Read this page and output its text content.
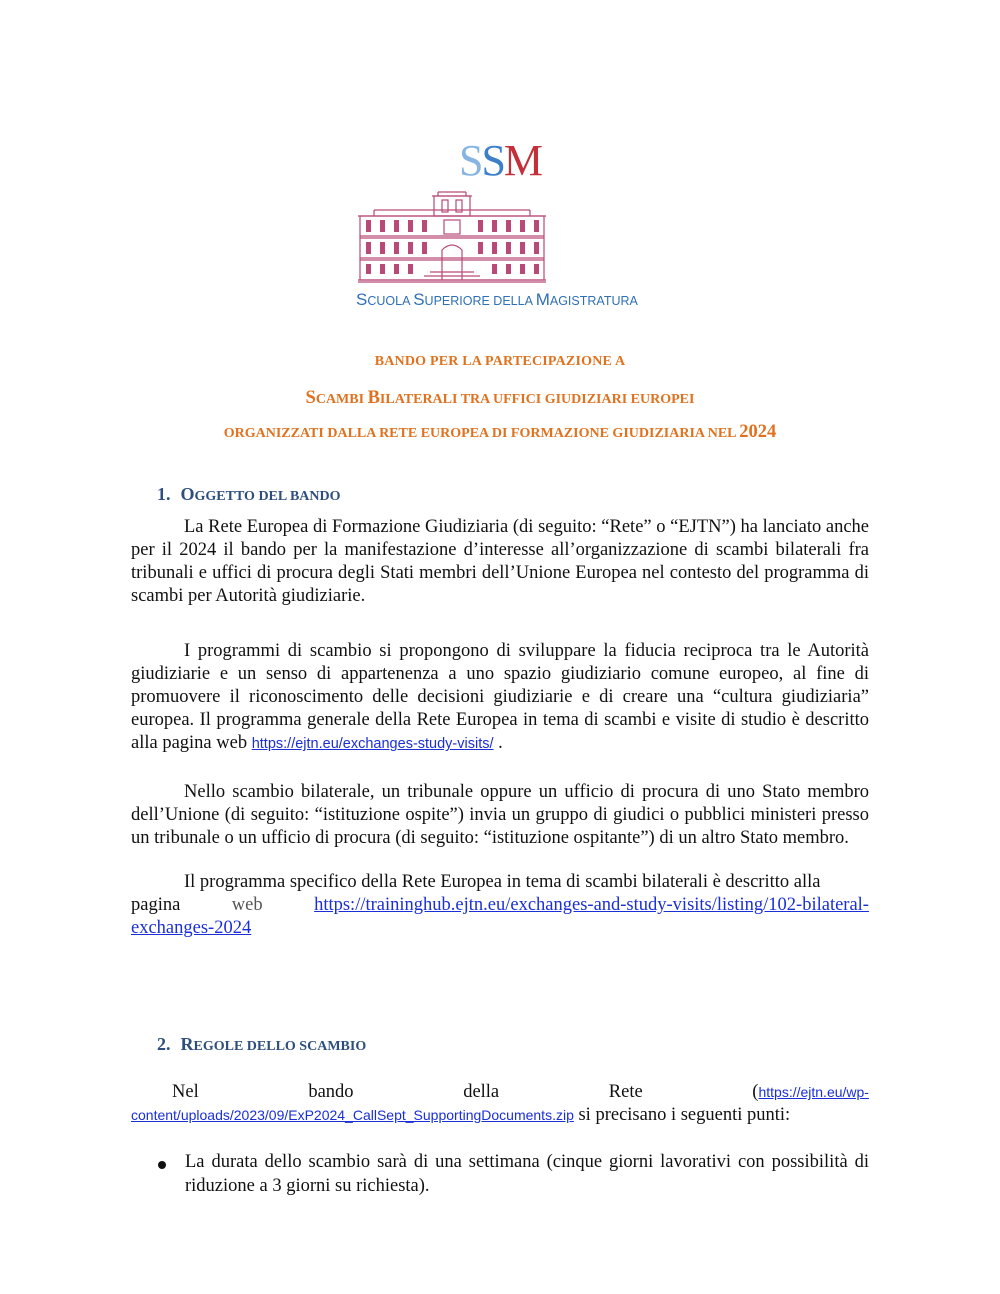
SSM
SCUOLA SUPERIORE DELLA MAGISTRATURA
BANDO PER LA PARTECIPAZIONE A
SCAMBI BILATERALI TRA UFFICI GIUDIZIARI EUROPEI
ORGANIZZATI DALLA RETE EUROPEA DI FORMAZIONE GIUDIZIARIA NEL 2024
1. OGGETTO DEL BANDO
La Rete Europea di Formazione Giudiziaria (di seguito: “Rete” o “EJTN”) ha lanciato anche per il 2024 il bando per la manifestazione d’interesse all’organizzazione di scambi bilaterali fra tribunali e uffici di procura degli Stati membri dell’Unione Europea nel contesto del programma di scambi per Autorità giudiziarie.
I programmi di scambio si propongono di sviluppare la fiducia reciproca tra le Autorità giudiziarie e un senso di appartenenza a uno spazio giudiziario comune europeo, al fine di promuovere il riconoscimento delle decisioni giudiziarie e di creare una “cultura giudiziaria” europea. Il programma generale della Rete Europea in tema di scambi e visite di studio è descritto alla pagina web https://ejtn.eu/exchanges-study-visits/ .
Nello scambio bilaterale, un tribunale oppure un ufficio di procura di uno Stato membro dell’Unione (di seguito: “istituzione ospite”) invia un gruppo di giudici o pubblici ministeri presso un tribunale o un ufficio di procura (di seguito: “istituzione ospitante”) di un altro Stato membro.
Il programma specifico della Rete Europea in tema di scambi bilaterali è descritto alla
pagina	web	https://traininghub.ejtn.eu/exchanges-and-study-visits/listing/102-bilateral-
exchanges-2024
2. REGOLE DELLO SCAMBIO
Nel	bando	della	Rete	(https://ejtn.eu/wp-
content/uploads/2023/09/ExP2024_CallSept_SupportingDocuments.zip si precisano i seguenti punti:
La durata dello scambio sarà di una settimana (cinque giorni lavorativi con possibilità di riduzione a 3 giorni su richiesta).
